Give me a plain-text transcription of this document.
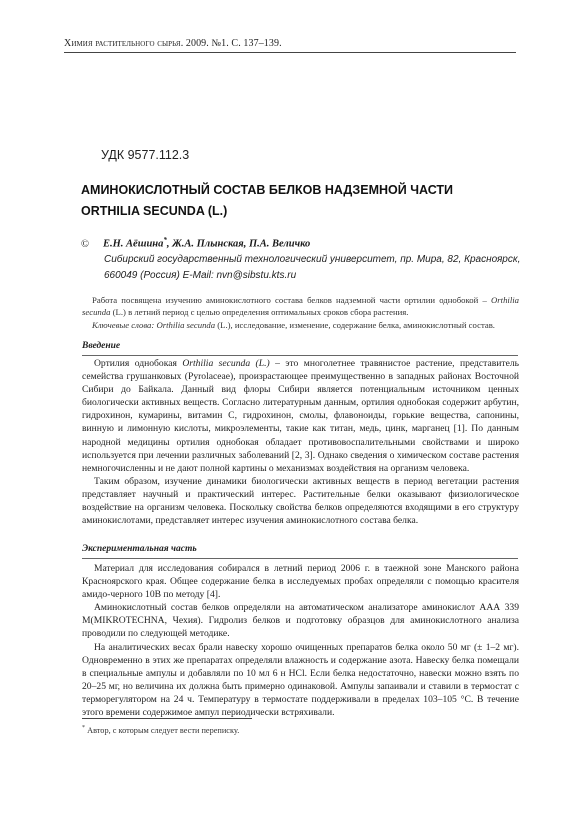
Химия растительного сырья. 2009. №1. С. 137–139.
УДК 9577.112.3
АМИНОКИСЛОТНЫЙ СОСТАВ БЕЛКОВ НАДЗЕМНОЙ ЧАСТИ ORTHILIA SECUNDA (L.)
© Е.Н. Аёшина*, Ж.А. Плынская, П.А. Величко
Сибирский государственный технологический университет, пр. Мира, 82, Красноярск, 660049 (Россия) E-Mail: nvn@sibstu.kts.ru

Работа посвящена изучению аминокислотного состава белков надземной части ортилии однобокой – Orthilia secunda (L.) в летний период с целью определения оптимальных сроков сбора растения.

Ключевые слова: Orthilia secunda (L.), исследование, изменение, содержание белка, аминокислотный состав.
Введение

Ортилия однобокая Orthilia secunda (L.) – это многолетнее травянистое растение, представитель семейства грушанковых (Pyrolaceae), произрастающее преимущественно в западных районах Восточной Сибири до Байкала. Данный вид флоры Сибири является потенциальным источником ценных биологически активных веществ. Согласно литературным данным, ортилия однобокая содержит арбутин, гидрохинон, кумарины, витамин С, гидрохинон, смолы, флавоноиды, горькие вещества, сапонины, винную и лимонную кислоты, микроэлементы, такие как титан, медь, цинк, марганец [1]. По данным народной медицины ортилия однобокая обладает противовоспалительными свойствами и широко используется при лечении различных заболеваний [2, 3]. Однако сведения о химическом составе растения немногочисленны и не дают полной картины о механизмах воздействия на организм человека.

Таким образом, изучение динамики биологически активных веществ в период вегетации растения представляет научный и практический интерес. Растительные белки оказывают физиологическое воздействие на организм человека. Поскольку свойства белков определяются входящими в его структуру аминокислотами, представляет интерес изучения аминокислотного состава белка.

Экспериментальная часть

Материал для исследования собирался в летний период 2006 г. в таежной зоне Манского района Красноярского края. Общее содержание белка в исследуемых пробах определяли с помощью красителя амидо-черного 10В по методу [4].

Аминокислотный состав белков определяли на автоматическом анализаторе аминокислот ААА 339 М(MIKROTECHNA, Чехия). Гидролиз белков и подготовку образцов для аминокислотного анализа проводили по следующей методике.

На аналитических весах брали навеску хорошо очищенных препаратов белка около 50 мг (± 1–2 мг). Одновременно в этих же препаратах определяли влажность и содержание азота. Навеску белка помещали в специальные ампулы и добавляли по 10 мл 6 н HCl. Если белка недостаточно, навески можно взять по 20–25 мг, но величина их должна быть примерно одинаковой. Ампулы запаивали и ставили в термостат с терморегулятором на 24 ч. Температуру в термостате поддерживали в пределах 103–105 °С. В течение этого времени содержимое ампул периодически встряхивали.

* Автор, с которым следует вести переписку.
